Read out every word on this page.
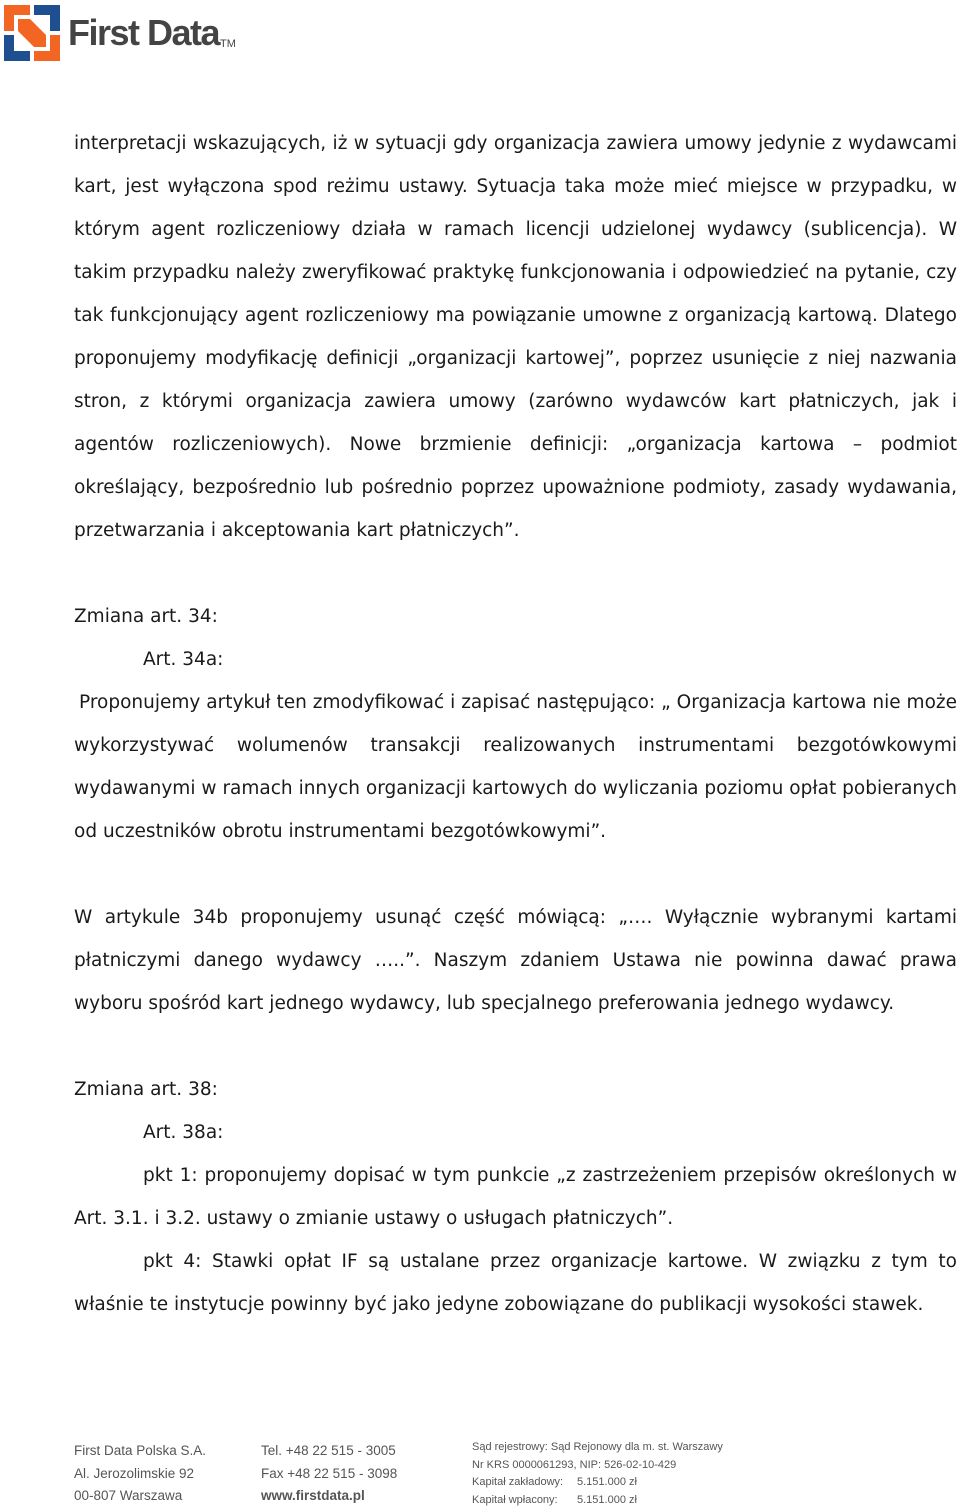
First Data TM

interpretacji wskazujących, iż w sytuacji gdy organizacja zawiera umowy jedynie z wydawcami kart, jest wyłączona spod reżimu ustawy. Sytuacja taka może mieć miejsce w przypadku, w którym agent rozliczeniowy działa w ramach licencji udzielonej wydawcy (sublicencja). W takim przypadku należy zweryfikować praktykę funkcjonowania i odpowiedzieć na pytanie, czy tak funkcjonujący agent rozliczeniowy ma powiązanie umowne z organizacją kartową. Dlatego proponujemy modyfikację definicji „organizacji kartowej”, poprzez usunięcie z niej nazwania stron, z którymi organizacja zawiera umowy (zarówno wydawców kart płatniczych, jak i agentów rozliczeniowych). Nowe brzmienie definicji: „organizacja kartowa – podmiot określający, bezpośrednio lub pośrednio poprzez upoważnione podmioty, zasady wydawania, przetwarzania i akceptowania kart płatniczych”.

Zmiana art. 34:

Art. 34a:

Proponujemy artykuł ten zmodyfikować i zapisać następująco: „ Organizacja kartowa nie może wykorzystywać wolumenów transakcji realizowanych instrumentami bezgotówkowymi wydawanymi w ramach innych organizacji kartowych do wyliczania poziomu opłat pobieranych od uczestników obrotu instrumentami bezgotówkowymi”.

W artykule 34b proponujemy usunąć część mówiącą: „…. Wyłącznie wybranymi kartami płatniczymi danego wydawcy …..”. Naszym zdaniem Ustawa nie powinna dawać prawa wyboru spośród kart jednego wydawcy, lub specjalnego preferowania jednego wydawcy.

Zmiana art. 38:

Art. 38a:

pkt 1: proponujemy dopisać w tym punkcie „z zastrzeżeniem przepisów określonych w Art. 3.1. i 3.2. ustawy o zmianie ustawy o usługach płatniczych”.

pkt 4: Stawki opłat IF są ustalane przez organizacje kartowe. W związku z tym to właśnie te instytucje powinny być jako jedyne zobowiązane do publikacji wysokości stawek.

First Data Polska S.A.
Al. Jerozolimskie 92
00-807 Warszawa
Tel. +48 22 515 - 3005
Fax +48 22 515 - 3098
www.firstdata.pl
Sąd rejestrowy: Sąd Rejonowy dla m. st. Warszawy
Nr KRS 0000061293, NIP: 526-02-10-429
Kapitał zakładowy: 5.151.000 zł
Kapitał wpłacony: 5.151.000 zł
